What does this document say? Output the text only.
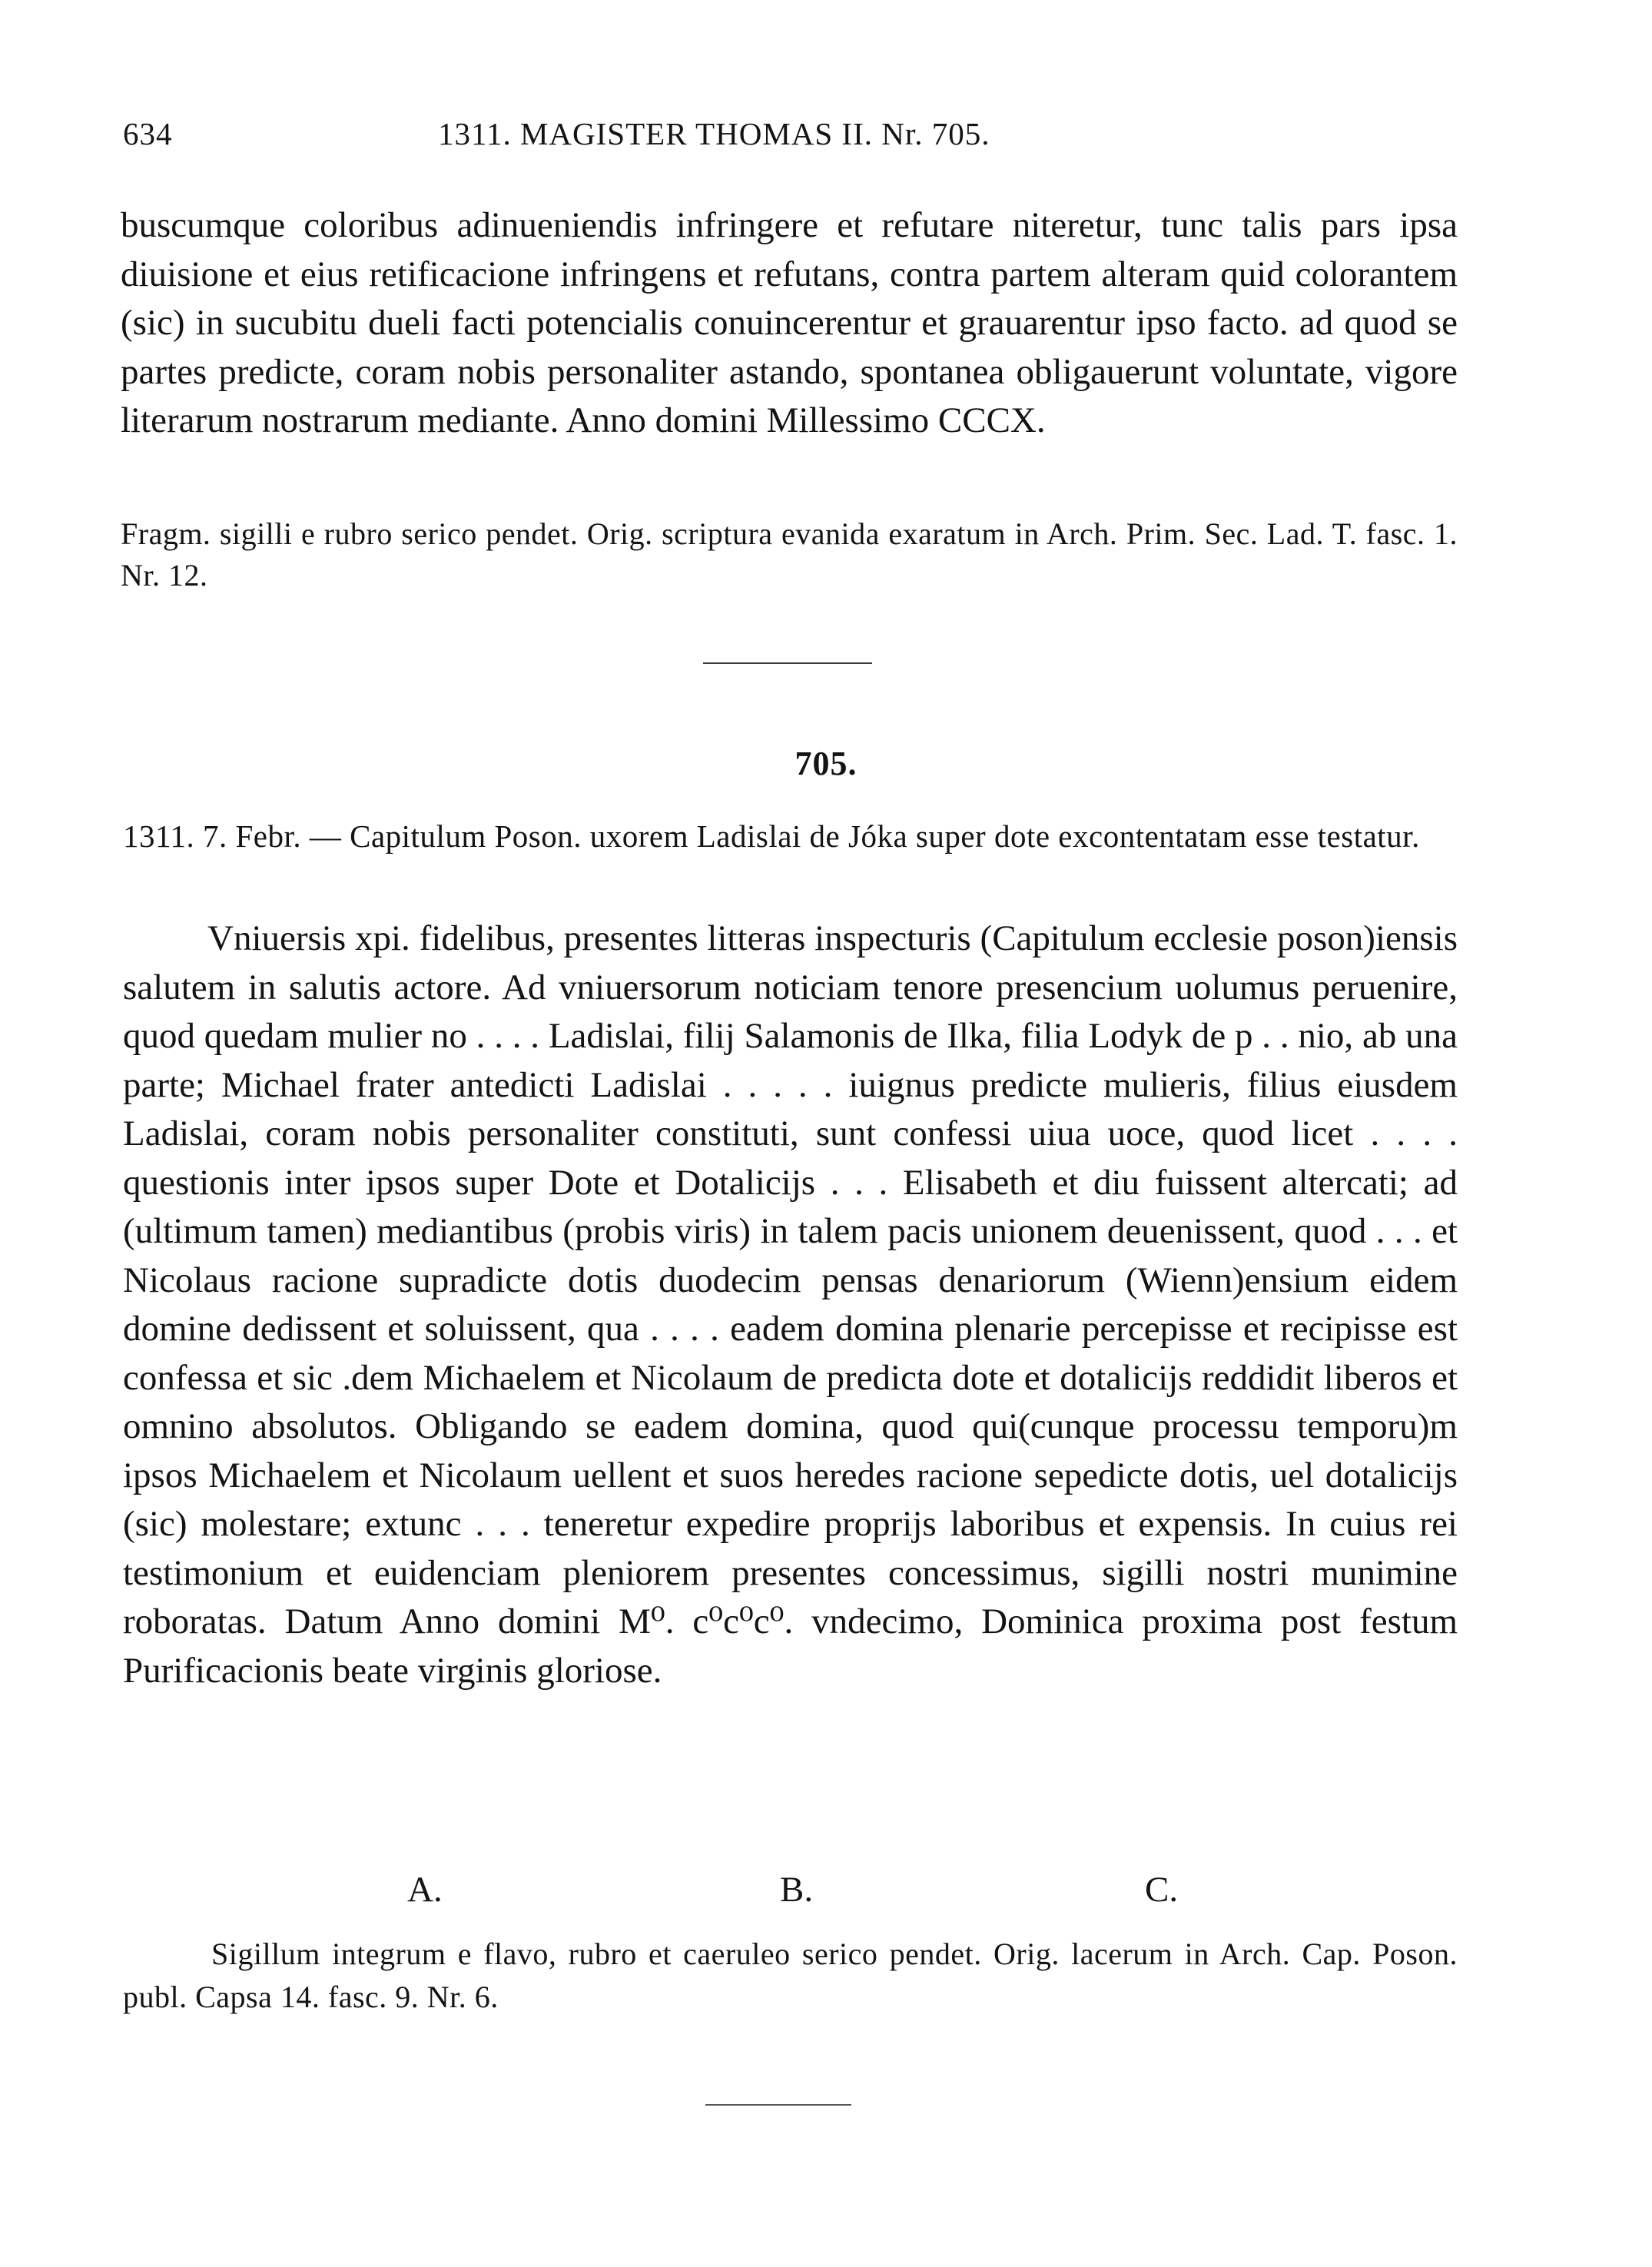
634	1311. MAGISTER THOMAS II. Nr. 705.
buscumque coloribus adinueniendis infringere et refutare niteretur, tunc talis pars ipsa diuisione et eius retificacione infringens et refutans, contra partem alteram quid colorantem (sic) in sucubitu dueli facti potencialis conuincerentur et grauarentur ipso facto. ad quod se partes predicte, coram nobis personaliter astando, spontanea obligauerunt voluntate, vigore literarum nostrarum mediante. Anno domini Millessimo CCCX.
Fragm. sigilli e rubro serico pendet. Orig. scriptura evanida exaratum in Arch. Prim. Sec. Lad. T. fasc. 1. Nr. 12.
705.
1311. 7. Febr. — Capitulum Poson. uxorem Ladislai de Jóka super dote excontentatam esse testatur.
Vniuersis xpi. fidelibus, presentes litteras inspecturis (Capitulum ecclesie poson)iensis salutem in salutis actore. Ad vniuersorum noticiam tenore presencium uolumus peruenire, quod quedam mulier no . . . . Ladislai, filij Salamonis de Ilka, filia Lodyk de p . . nio, ab una parte; Michael frater antedicti Ladislai . . . . . iuignus predicte mulieris, filius eiusdem Ladislai, coram nobis personaliter constituti, sunt confessi uiua uoce, quod licet . . . . questionis inter ipsos super Dote et Dotalicijs . . . Elisabeth et diu fuissent altercati; ad (ultimum tamen) mediantibus (probis viris) in talem pacis unionem deuenissent, quod . . . et Nicolaus racione supradicte dotis duodecim pensas denariorum (Wienn)ensium eidem domine dedissent et soluissent, qua . . . . eadem domina plenarie percepisse et recipisse est confessa et sic .dem Michaelem et Nicolaum de predicta dote et dotalicijs reddidit liberos et omnino absolutos. Obligando se eadem domina, quod qui(cunque processu temporu)m ipsos Michaelem et Nicolaum uellent et suos heredes racione sepedicte dotis, uel dotalicijs (sic) molestare; extunc . . . teneretur expedire proprijs laboribus et expensis. In cuius rei testimonium et euidenciam pleniorem presentes concessimus, sigilli nostri munimine roboratas. Datum Anno domini M⁰. c⁰c⁰c⁰. vndecimo, Dominica proxima post festum Purificacionis beate virginis gloriose.
A.	B.	C.
Sigillum integrum e flavo, rubro et caeruleo serico pendet. Orig. lacerum in Arch. Cap. Poson. publ. Capsa 14. fasc. 9. Nr. 6.
